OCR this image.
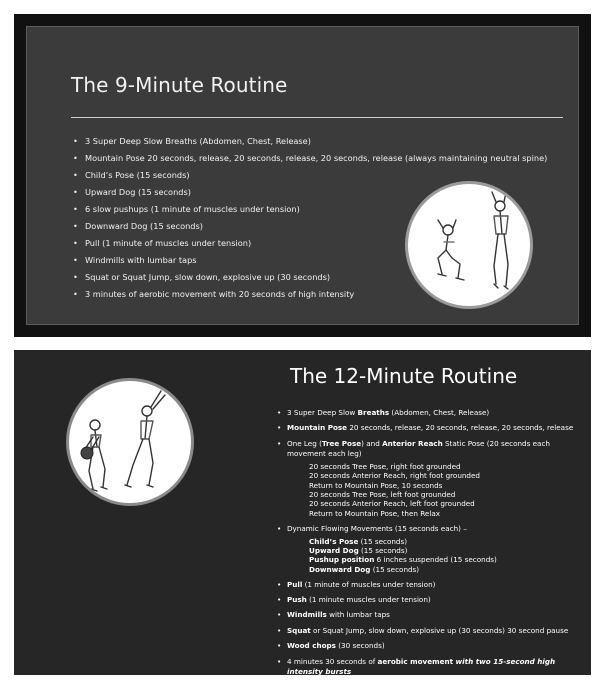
The 9-Minute Routine
• 3 Super Deep Slow Breaths (Abdomen, Chest, Release)
• Mountain Pose 20 seconds, release, 20 seconds, release, 20 seconds, release (always maintaining neutral spine)
• Child’s Pose (15 seconds)
• Upward Dog (15 seconds)
• 6 slow pushups (1 minute of muscles under tension)
• Downward Dog (15 seconds)
• Pull (1 minute of muscles under tension)
• Windmills with lumbar taps
• Squat or Squat Jump, slow down, explosive up (30 seconds)
• 3 minutes of aerobic movement with 20 seconds of high intensity
The 12-Minute Routine
• 3 Super Deep Slow Breaths (Abdomen, Chest, Release)
• Mountain Pose 20 seconds, release, 20 seconds, release, 20 seconds, release
• One Leg (Tree Pose) and Anterior Reach Static Pose (20 seconds each movement each leg)
20 seconds Tree Pose, right foot grounded
20 seconds Anterior Reach, right foot grounded
Return to Mountain Pose, 10 seconds
20 seconds Tree Pose, left foot grounded
20 seconds Anterior Reach, left foot grounded
Return to Mountain Pose, then Relax
• Dynamic Flowing Movements (15 seconds each) –
Child’s Pose (15 seconds)
Upward Dog (15 seconds)
Pushup position 6 inches suspended (15 seconds)
Downward Dog (15 seconds)
• Pull (1 minute of muscles under tension)
• Push (1 minute muscles under tension)
• Windmills with lumbar taps
• Squat or Squat Jump, slow down, explosive up (30 seconds) 30 second pause
• Wood chops (30 seconds)
• 4 minutes 30 seconds of aerobic movement with two 15-second high intensity bursts
